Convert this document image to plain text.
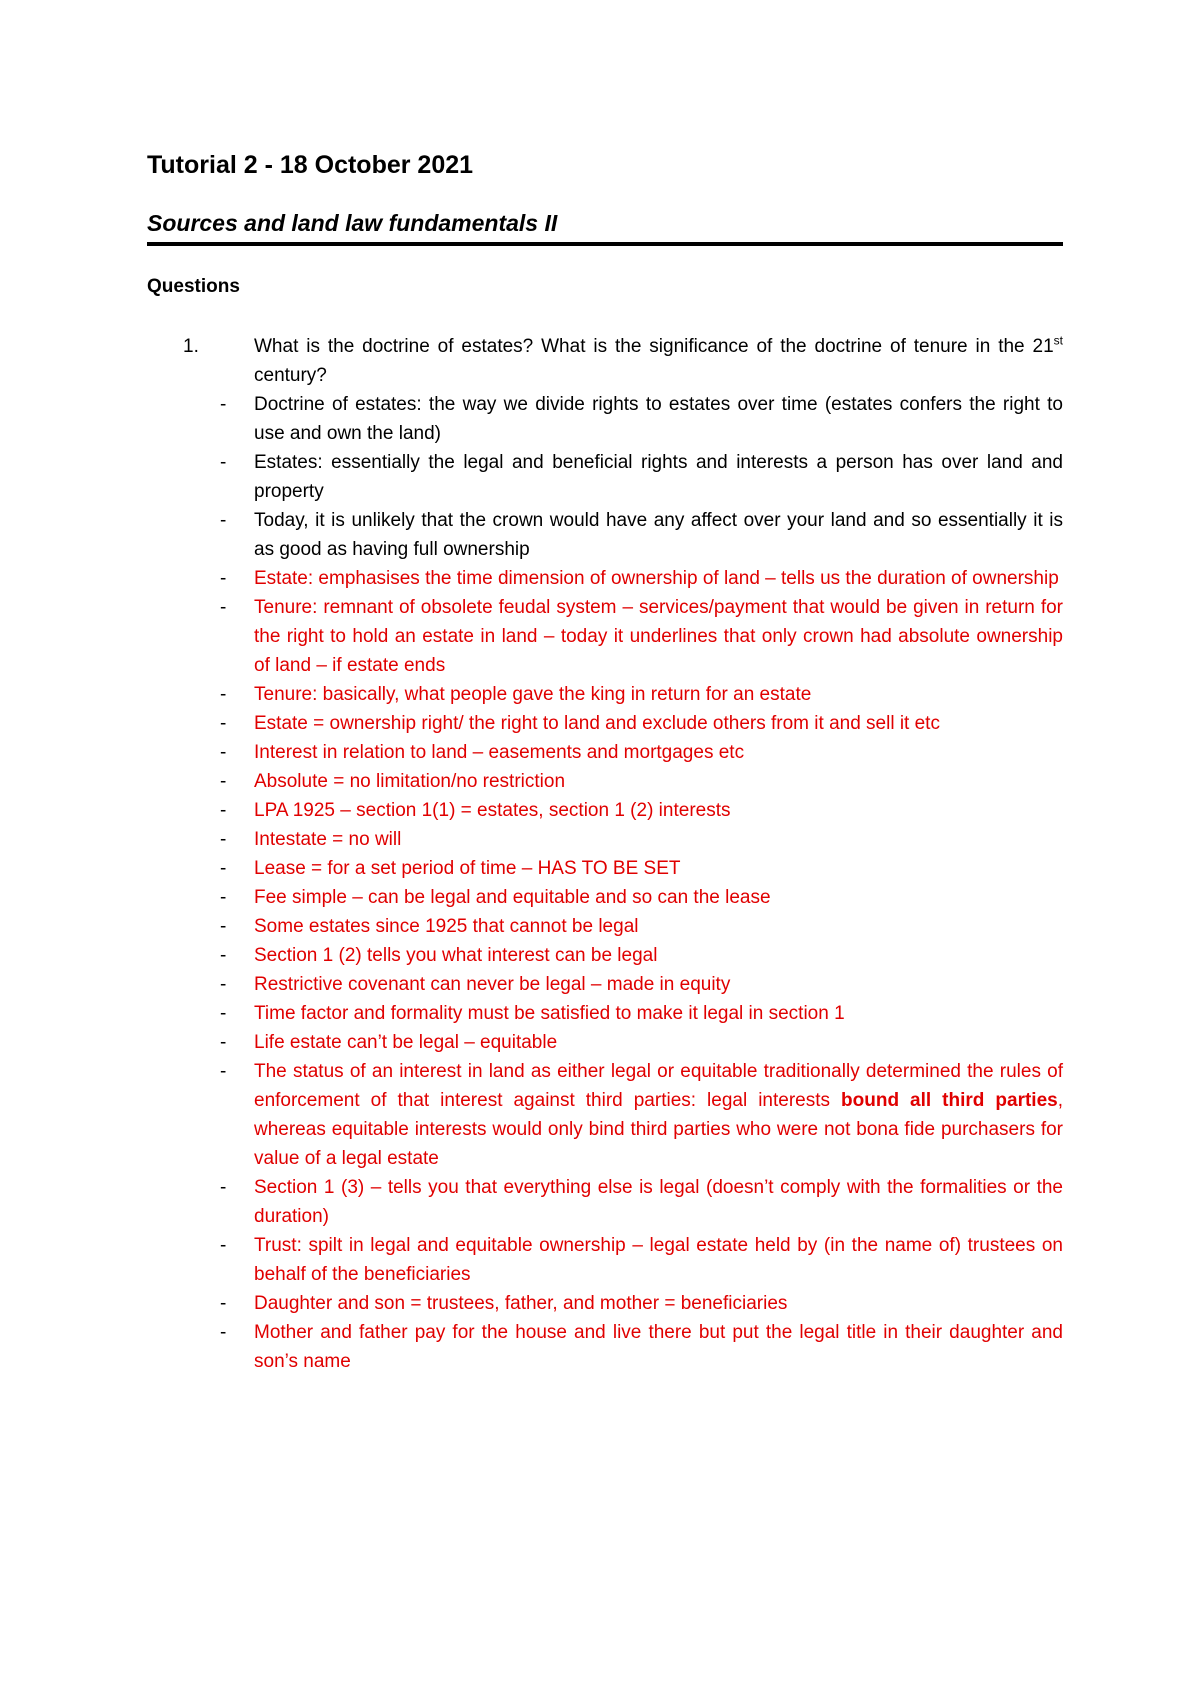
Tutorial 2 - 18 October 2021
Sources and land law fundamentals II
Questions
1.	What is the doctrine of estates? What is the significance of the doctrine of tenure in the 21st century?
- Doctrine of estates: the way we divide rights to estates over time (estates confers the right to use and own the land)
- Estates: essentially the legal and beneficial rights and interests a person has over land and property
- Today, it is unlikely that the crown would have any affect over your land and so essentially it is as good as having full ownership
- Estate: emphasises the time dimension of ownership of land – tells us the duration of ownership
- Tenure: remnant of obsolete feudal system – services/payment that would be given in return for the right to hold an estate in land – today it underlines that only crown had absolute ownership of land – if estate ends
- Tenure: basically, what people gave the king in return for an estate
- Estate = ownership right/ the right to land and exclude others from it and sell it etc
- Interest in relation to land – easements and mortgages etc
- Absolute = no limitation/no restriction
- LPA 1925 – section 1(1) = estates, section 1 (2) interests
- Intestate = no will
- Lease = for a set period of time – HAS TO BE SET
- Fee simple – can be legal and equitable and so can the lease
- Some estates since 1925 that cannot be legal
- Section 1 (2) tells you what interest can be legal
- Restrictive covenant can never be legal – made in equity
- Time factor and formality must be satisfied to make it legal in section 1
- Life estate can’t be legal – equitable
- The status of an interest in land as either legal or equitable traditionally determined the rules of enforcement of that interest against third parties: legal interests bound all third parties, whereas equitable interests would only bind third parties who were not bona fide purchasers for value of a legal estate
- Section 1 (3) – tells you that everything else is legal (doesn’t comply with the formalities or the duration)
- Trust: spilt in legal and equitable ownership – legal estate held by (in the name of) trustees on behalf of the beneficiaries
- Daughter and son = trustees, father, and mother = beneficiaries
- Mother and father pay for the house and live there but put the legal title in their daughter and son’s name
